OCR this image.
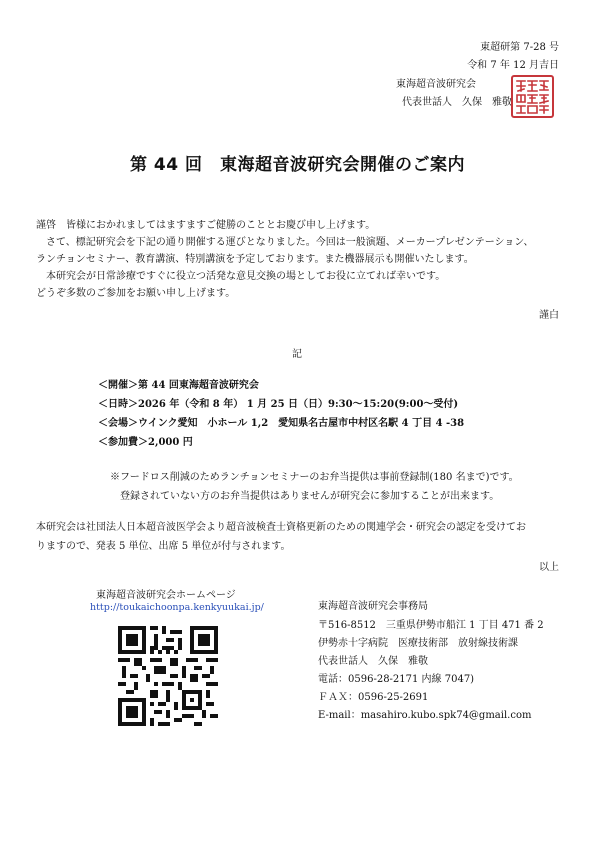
東超研第 7-28 号
令和 7 年 12 月吉日
東海超音波研究会
代表世話人　久保　雅敬
第 44 回　東海超音波研究会開催のご案内
謹啓　皆様におかれましてはますますご健勝のこととお慶び申し上げます。
　さて、標記研究会を下記の通り開催する運びとなりました。今回は一般演題、メーカープレゼンテーション、
ランチョンセミナー、教育講演、特別講演を予定しております。また機器展示も開催いたします。
　本研究会が日常診療ですぐに役立つ活発な意見交換の場としてお役に立てれば幸いです。
どうぞ多数のご参加をお願い申し上げます。
謹白
記
＜開催＞第 44 回東海超音波研究会
＜日時＞2026 年（令和 8 年） 1 月 25 日（日）9:30～15:20(9:00～受付)
＜会場＞ウインク愛知　小ホール 1,2　愛知県名古屋市中村区名駅 4 丁目 4 -38
＜参加費＞2,000 円
※フードロス削減のためランチョンセミナーのお弁当提供は事前登録制(180 名まで)です。
　登録されていない方のお弁当提供はありませんが研究会に参加することが出来ます。
本研究会は社団法人日本超音波医学会より超音波検査士資格更新のための関連学会・研究会の認定を受けてお
りますので、発表 5 単位、出席 5 単位が付与されます。
以上
東海超音波研究会ホームページ
http://toukaichoonpa.kenkyuukai.jp/	東海超音波研究会事務局
〒516-8512　三重県伊勢市船江 1 丁目 471 番 2
伊勢赤十字病院　医療技術部　放射線技術課
代表世話人　久保　雅敬
電話：0596-28-2171 内線 7047)
ＦＡＸ：0596-25-2691
E-mail：masahiro.kubo.spk74@gmail.com
